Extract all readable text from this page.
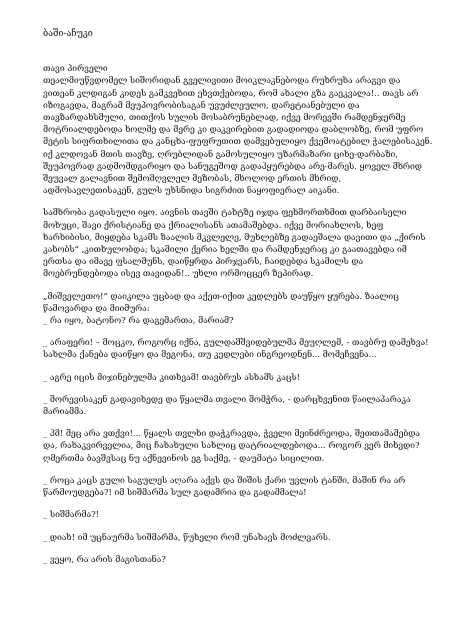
ბაში-აჩუკი
თავი პირველი

თეალმიუწვდომელ სიშორიდან გველივითი მოიკლაკნებოდა რუხრუხა არაგვი და ვითეან კლდიგან კიდეს გამკვეხით ეხვთქებოდა, რომ ახალი გზა გაეკვალა!.. თავს არ იზოგავდა, მაგრამ მეუპოვრობისაგან უვუძლეულო, დარეტიანებული და თავზარდახსმული, თითქოს სულის მოსაბრუნებლად, იქვე მორევში რამდენჯერმე მოტრიალდებოდა ხოლმე და მერე კი დაკვირებით გადადიოდა დაბლობზე, რომ უფრო მეტის სიფრთხილითა და კანცხა-ფუფრუთით დამვებულიყო ქვემოატებილ ჭალებისაკენ. იქ კლდოვან მთის თავზე, ღრუბლიდან გამოსულიყო უზარმაზარი ციხე-დარბაზი, შეუპოვრად გადმომდგარიყო და სანუგეშოდ გადაჰყურებდა არე-მარეს. ყოველ მხრიდ შეუვალ გალავნით შემომღვლელ მეზობას, მხოლოდ ერთის მხრიდ, ადმოსავლეთისაკენ, გულს უხსნიდა სიგრძით ნაყოფიერალ აიკანი.

სამხრობა გადასული იყო. აივნის თავში ტახტზე იჯდა ფეხმორთხმით დარბაისელი მოხუცი, შავი ქრისტიანე და ქრიალისანს ათამაშებდა. იქვე მორიახლოს, ხეფ ხარხიბისი, მიყდება სკამს ზაალის მკვლელე, მუხლებზე გადაეშალა დავითი და „ქირის კახობს“ ‚კითხულობდა; სკამილი ქერია ხელში და რამდენჯერაც კი გაათავებდა იმ ერთსა და იმავე ფსალმუნს, დაიწყრდა პირჯვარს, ჩაიდებდა სკამილს და მოებრუნდებოდა ისევ თავიდან!.. უხლი ორმოცცერ ზეპირად.

„მიშველეთო!“ დაიკილა უცბად და აქეთ-იქით კედლებს დაუწყო ყურება. ზაალიც წამოვარდა და მიიმურა:

_ რა იყო, ბატონო? რა დაგემართა, მარიამ?

_ არაფერი! – მოცკო, როგორც იქნა, გულდამშვიდებულმა მეუღლემ, - თავბრუ დამეხვა! სახლმა ქანება დაიწყო და მეგონა, თუ კედლები ინგრეოდნენ... მომეჩვენა...

_ აგრე იცის მიჯინებულმა კითხვამ! თავბრუს ასხამს კაცს!

_ მორევისაკენ გადავიხედე და წყალმა თვალი მომჭრა, - დარცხვენით წაილაპარაკა მარიამმა.

_ ჰმ! მეც არა ვთქვი!... წყალს თვლხი დაჭკრავდა, ჭველი მეინძრეოდა, შეთთამამებდა და, რახაკვირველია, მიც ჩახახული სახლიც დატრიალდებოდა... როგორ ვერ მიხვდი? ღმერთმა ბავშვსაც ნუ აქნევინოს ეგ საქმე, - დაუმატა სიცილით.

_ როცა კაცს გული საგულეს აღარა აქვს და შიშის ქარი უვლის ტანში, მაშინ რა არ წარმოუდგება?! იმ სიშმარმა სულ გადამრია და გადამმალა!

_ სიშმარმა?!

_ დიახ! იმ უცნაურმა სიშმარმა, წუხელი რომ უნახავს მოძლვარს.

_ ვეყო, რა არის მაგისთანა?
